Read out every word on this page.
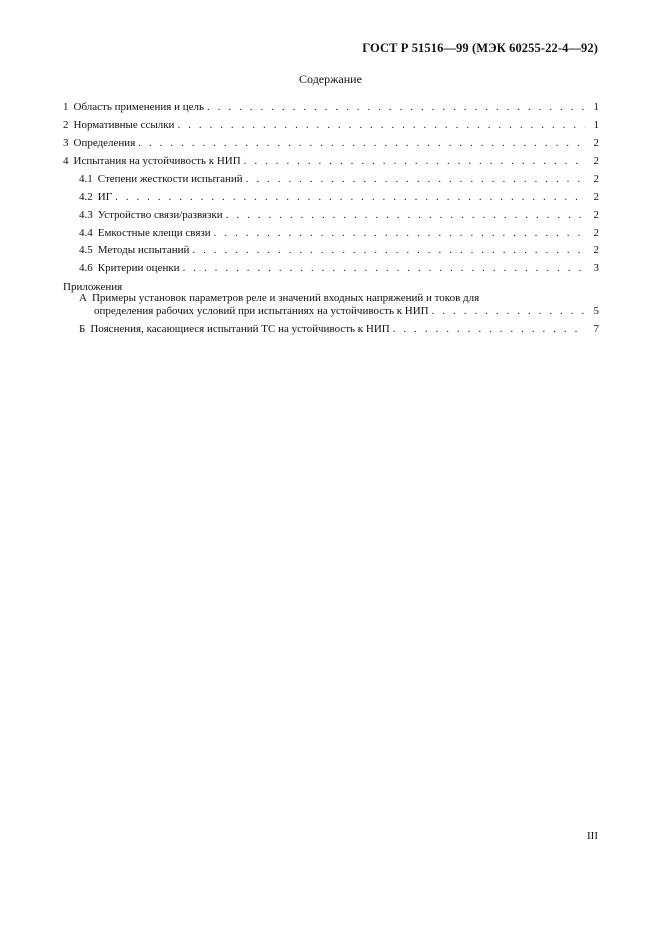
ГОСТ Р 51516—99 (МЭК 60255-22-4—92)
Содержание
1 Область применения и цель . . .	1
2 Нормативные ссылки . . .	1
3 Определения . . .	2
4 Испытания на устойчивость к НИП . . .	2
4.1 Степени жесткости испытаний . . .	2
4.2 ИГ . . .	2
4.3 Устройство связи/развязки . . .	2
4.4 Емкостные клещи связи . . .	2
4.5 Методы испытаний . . .	2
4.6 Критерии оценки . . .	3
Приложения
А Примеры установок параметров реле и значений входных напряжений и токов для
определения рабочих условий при испытаниях на устойчивость к НИП . . .	5
Б Пояснения, касающиеся испытаний ТС на устойчивость к НИП . . .	7
III
